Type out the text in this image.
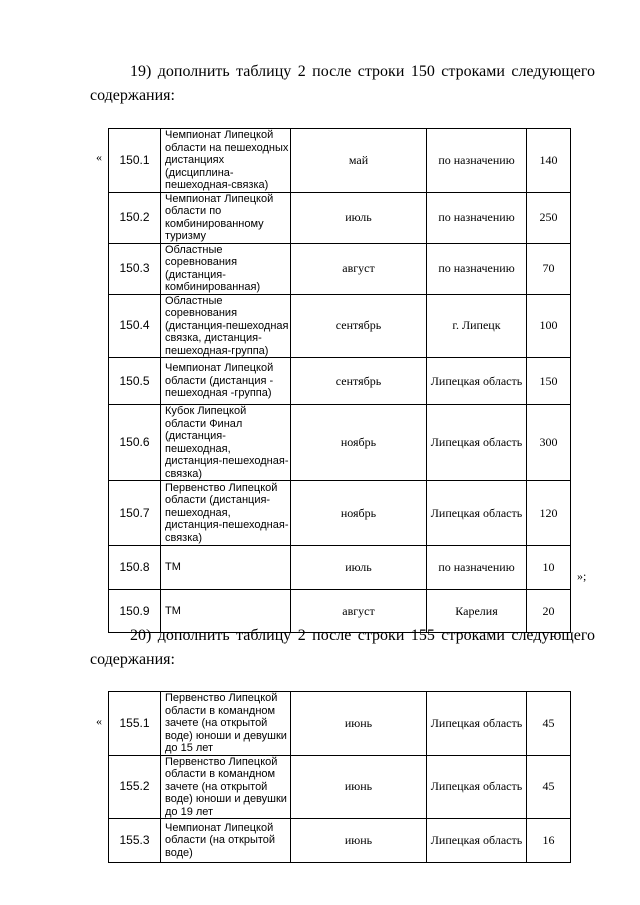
19) дополнить таблицу 2 после строки 150 строками следующего содержания:
« 150.1	Чемпионат Липецкой области на пешеходных дистанциях (дисциплина-пешеходная-связка)	май	по назначению	140
150.2	Чемпионат Липецкой области по комбинированному туризму	июль	по назначению	250
150.3	Областные соревнования (дистанция-комбинированная)	август	по назначению	70
150.4	Областные соревнования (дистанция-пешеходная связка, дистанция-пешеходная-группа)	сентябрь	г. Липецк	100
150.5	Чемпионат Липецкой области (дистанция - пешеходная -группа)	сентябрь	Липецкая область	150
150.6	Кубок Липецкой области Финал (дистанция-пешеходная, дистанция-пешеходная-связка)	ноябрь	Липецкая область	300
150.7	Первенство Липецкой области (дистанция-пешеходная, дистанция-пешеходная-связка)	ноябрь	Липецкая область	120
150.8	ТМ	июль	по назначению	10
150.9	ТМ	август	Карелия	20
»;
20) дополнить таблицу 2 после строки 155 строками следующего содержания:
« 155.1	Первенство Липецкой области в командном зачете (на открытой воде) юноши и девушки до 15 лет	июнь	Липецкая область	45
155.2	Первенство Липецкой области в командном зачете (на открытой воде) юноши и девушки до 19 лет	июнь	Липецкая область	45
155.3	Чемпионат Липецкой области (на открытой воде)	июнь	Липецкая область	16
